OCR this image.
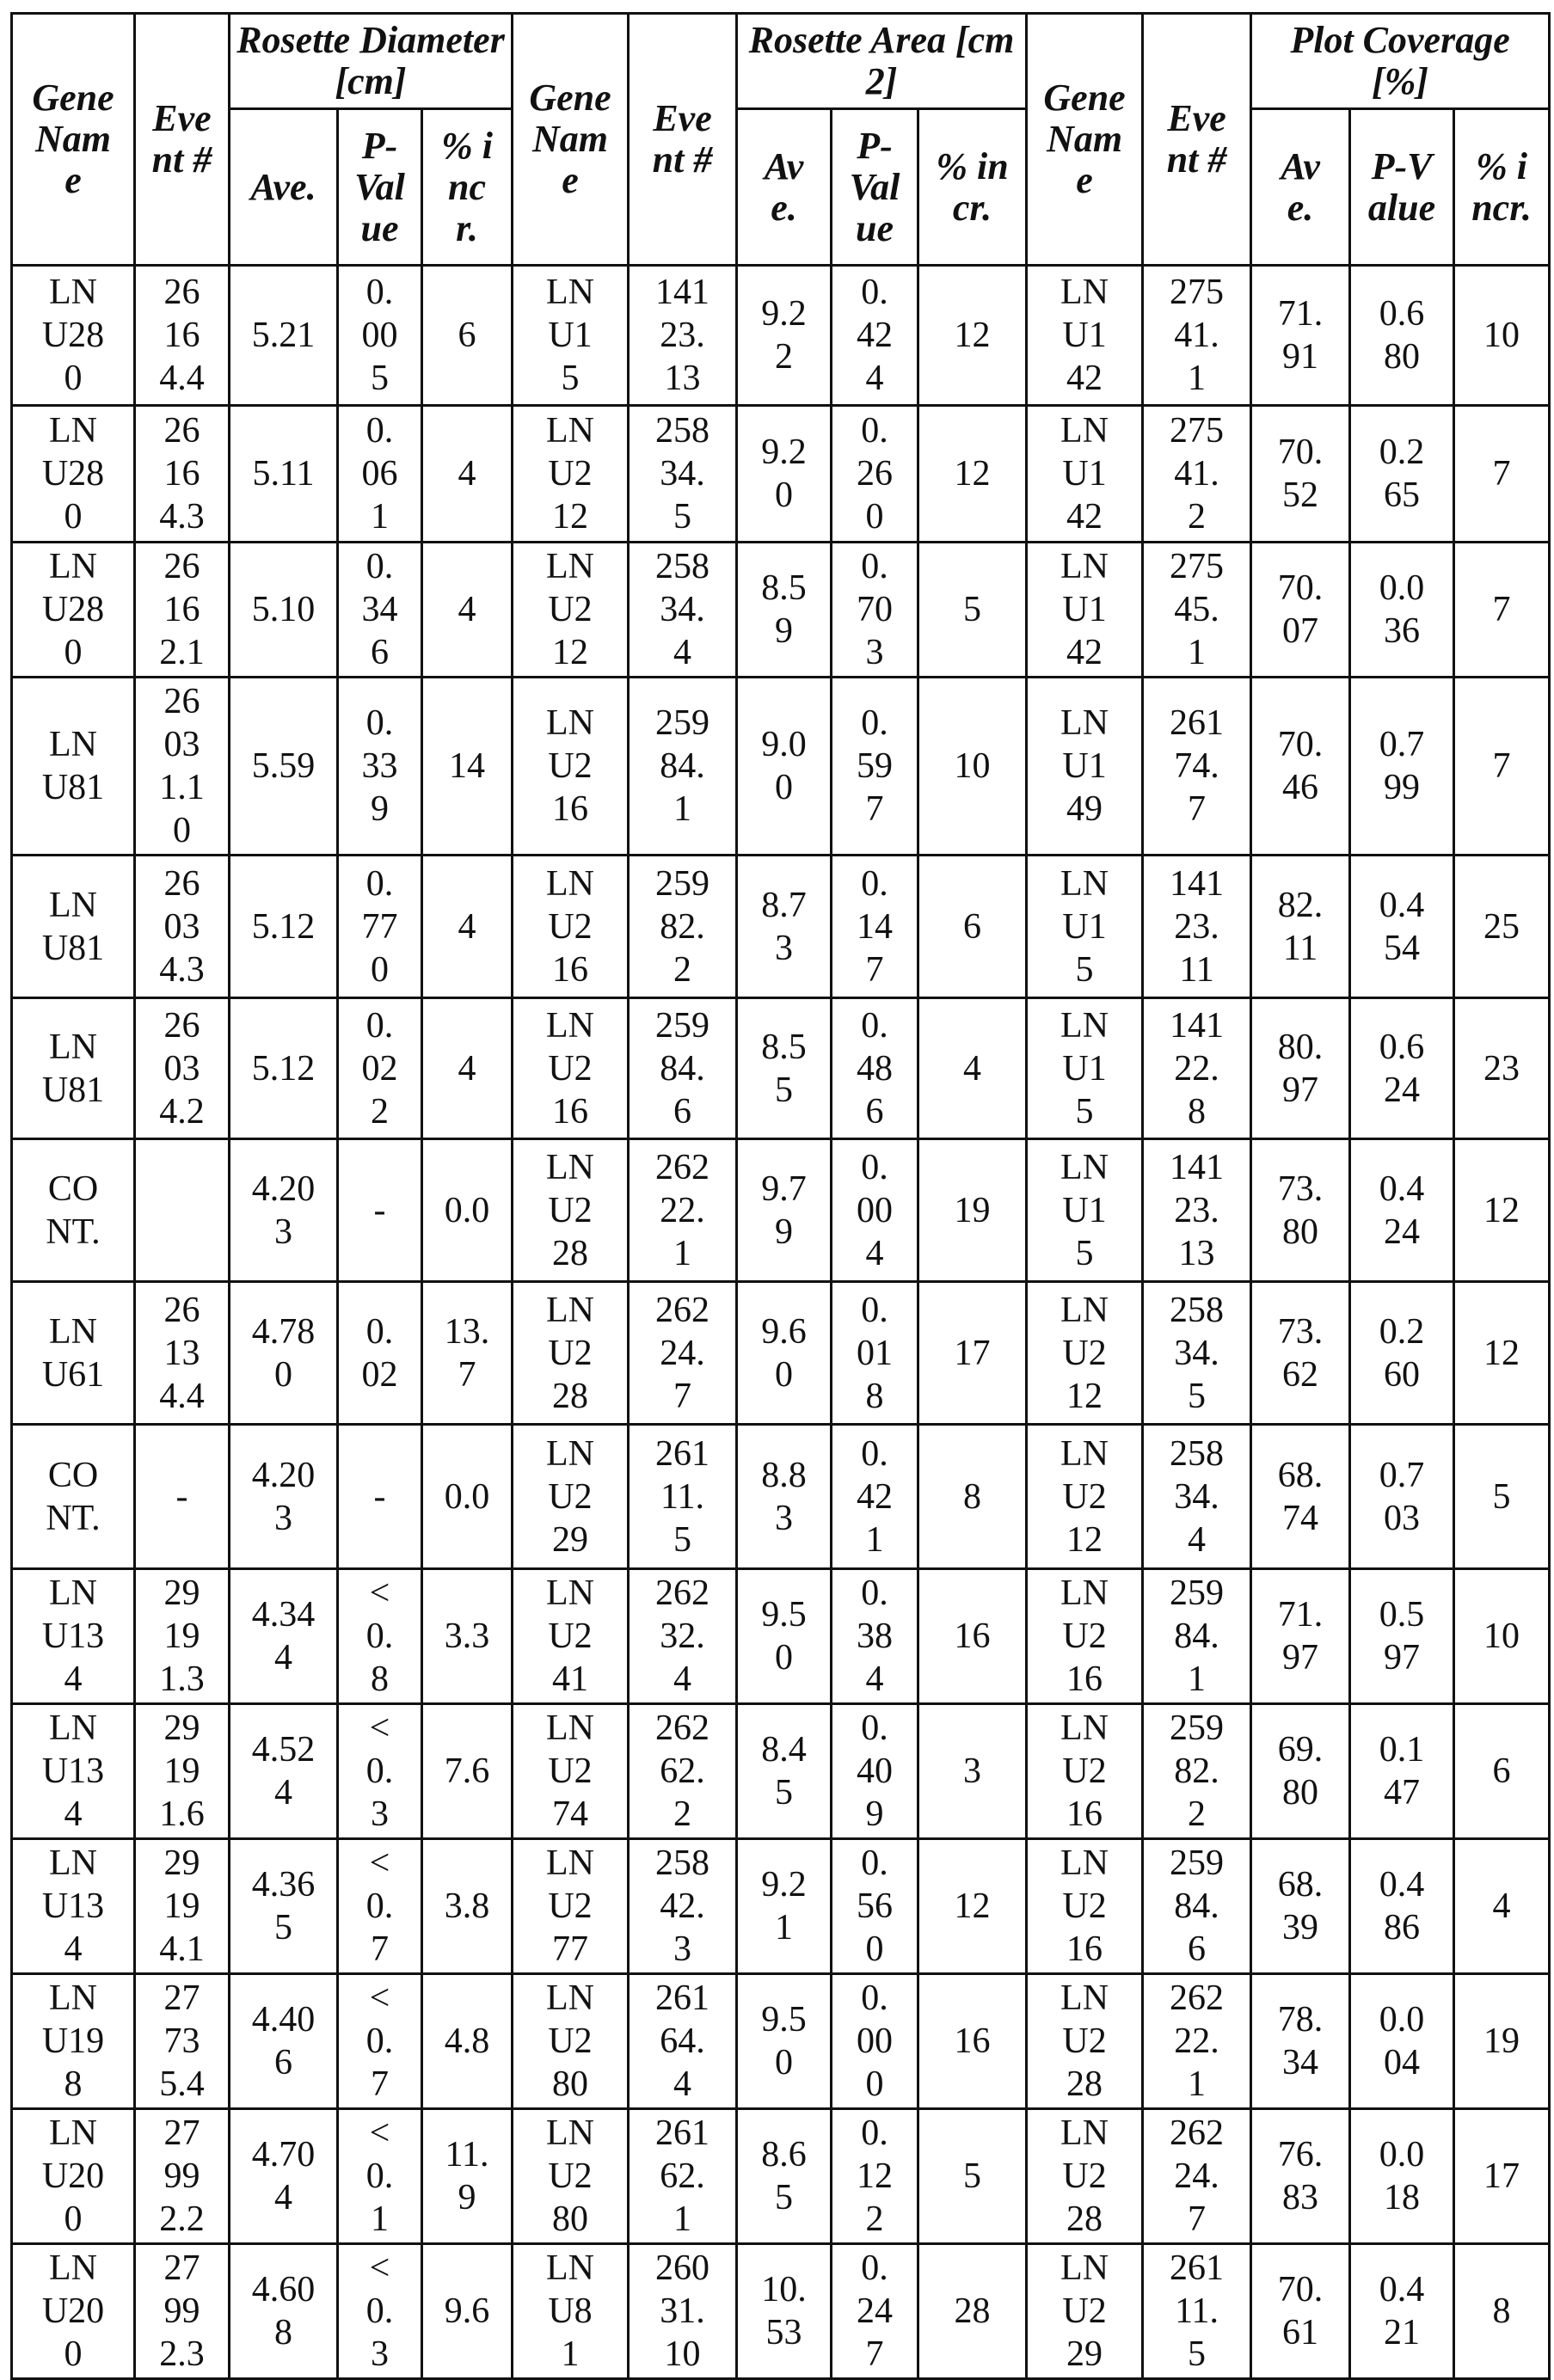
Gene Name	Event #	Rosette Diameter [cm]	Gene Name	Event #	Rosette Area [cm2]	Gene Name	Event #	Plot Coverage [%]
Ave.	P-Value	% incr.	Ave.	P-Value	% incr.	Ave.	P-Value	% incr.
LNU280	26164.4	5.21	0.005	6	LNU15	14123.13	9.22	0.424	12	LNU142	27541.1	71.91	0.680	10
LNU280	26164.3	5.11	0.061	4	LNU212	25834.5	9.20	0.260	12	LNU142	27541.2	70.52	0.265	7
LNU280	26162.1	5.10	0.346	4	LNU212	25834.4	8.59	0.703	5	LNU142	27545.1	70.07	0.036	7
LNU81	26031.10	5.59	0.339	14	LNU216	25984.1	9.00	0.597	10	LNU149	26174.7	70.46	0.799	7
LNU81	26034.3	5.12	0.770	4	LNU216	25982.2	8.73	0.147	6	LNU15	14123.11	82.11	0.454	25
LNU81	26034.2	5.12	0.022	4	LNU216	25984.6	8.55	0.486	4	LNU15	14122.8	80.97	0.624	23
CONT.		4.203	-	0.0	LNU228	26222.1	9.79	0.004	19	LNU15	14123.13	73.80	0.424	12
LNU61	26134.4	4.780	0.02	13.7	LNU228	26224.7	9.60	0.018	17	LNU212	25834.5	73.62	0.260	12
CONT.	-	4.203	-	0.0	LNU229	26111.5	8.83	0.421	8	LNU212	25834.4	68.74	0.703	5
LNU134	29191.3	4.344	<0.8	3.3	LNU241	26232.4	9.50	0.384	16	LNU216	25984.1	71.97	0.597	10
LNU134	29191.6	4.524	<0.3	7.6	LNU274	26262.2	8.45	0.409	3	LNU216	25982.2	69.80	0.147	6
LNU134	29194.1	4.365	<0.7	3.8	LNU277	25842.3	9.21	0.560	12	LNU216	25984.6	68.39	0.486	4
LNU198	27735.4	4.406	<0.7	4.8	LNU280	26164.4	9.50	0.000	16	LNU228	26222.1	78.34	0.004	19
LNU200	27992.2	4.704	<0.1	11.9	LNU280	26162.1	8.65	0.122	5	LNU228	26224.7	76.83	0.018	17
LNU200	27992.3	4.608	<0.3	9.6	LNU81	26031.10	10.53	0.247	28	LNU229	26111.5	70.61	0.421	8
